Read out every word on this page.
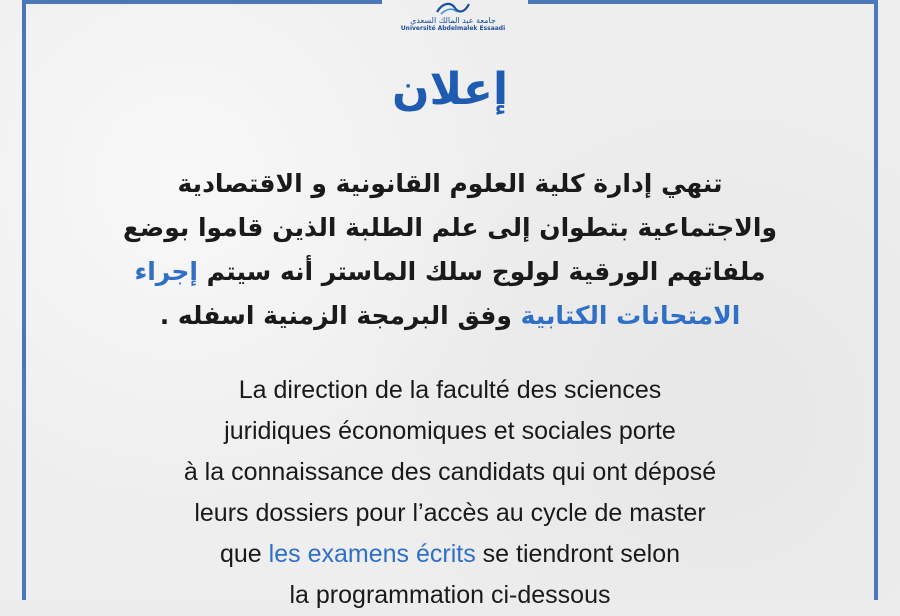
جامعة عبد المالك السعدي
Université Abdelmalek Essaadi
إعلان
تنهي إدارة كلية العلوم القانونية و الاقتصادية
والاجتماعية بتطوان إلى علم الطلبة الذين قاموا بوضع
ملفاتهم الورقية لولوج سلك الماستر أنه سيتم إجراء
الامتحانات الكتابية وفق البرمجة الزمنية اسفله .
La direction de la faculté des sciences
juridiques économiques et sociales porte
à la connaissance des candidats qui ont déposé
leurs dossiers pour l’accès au cycle de master
que les examens écrits se tiendront selon
la programmation ci-dessous
